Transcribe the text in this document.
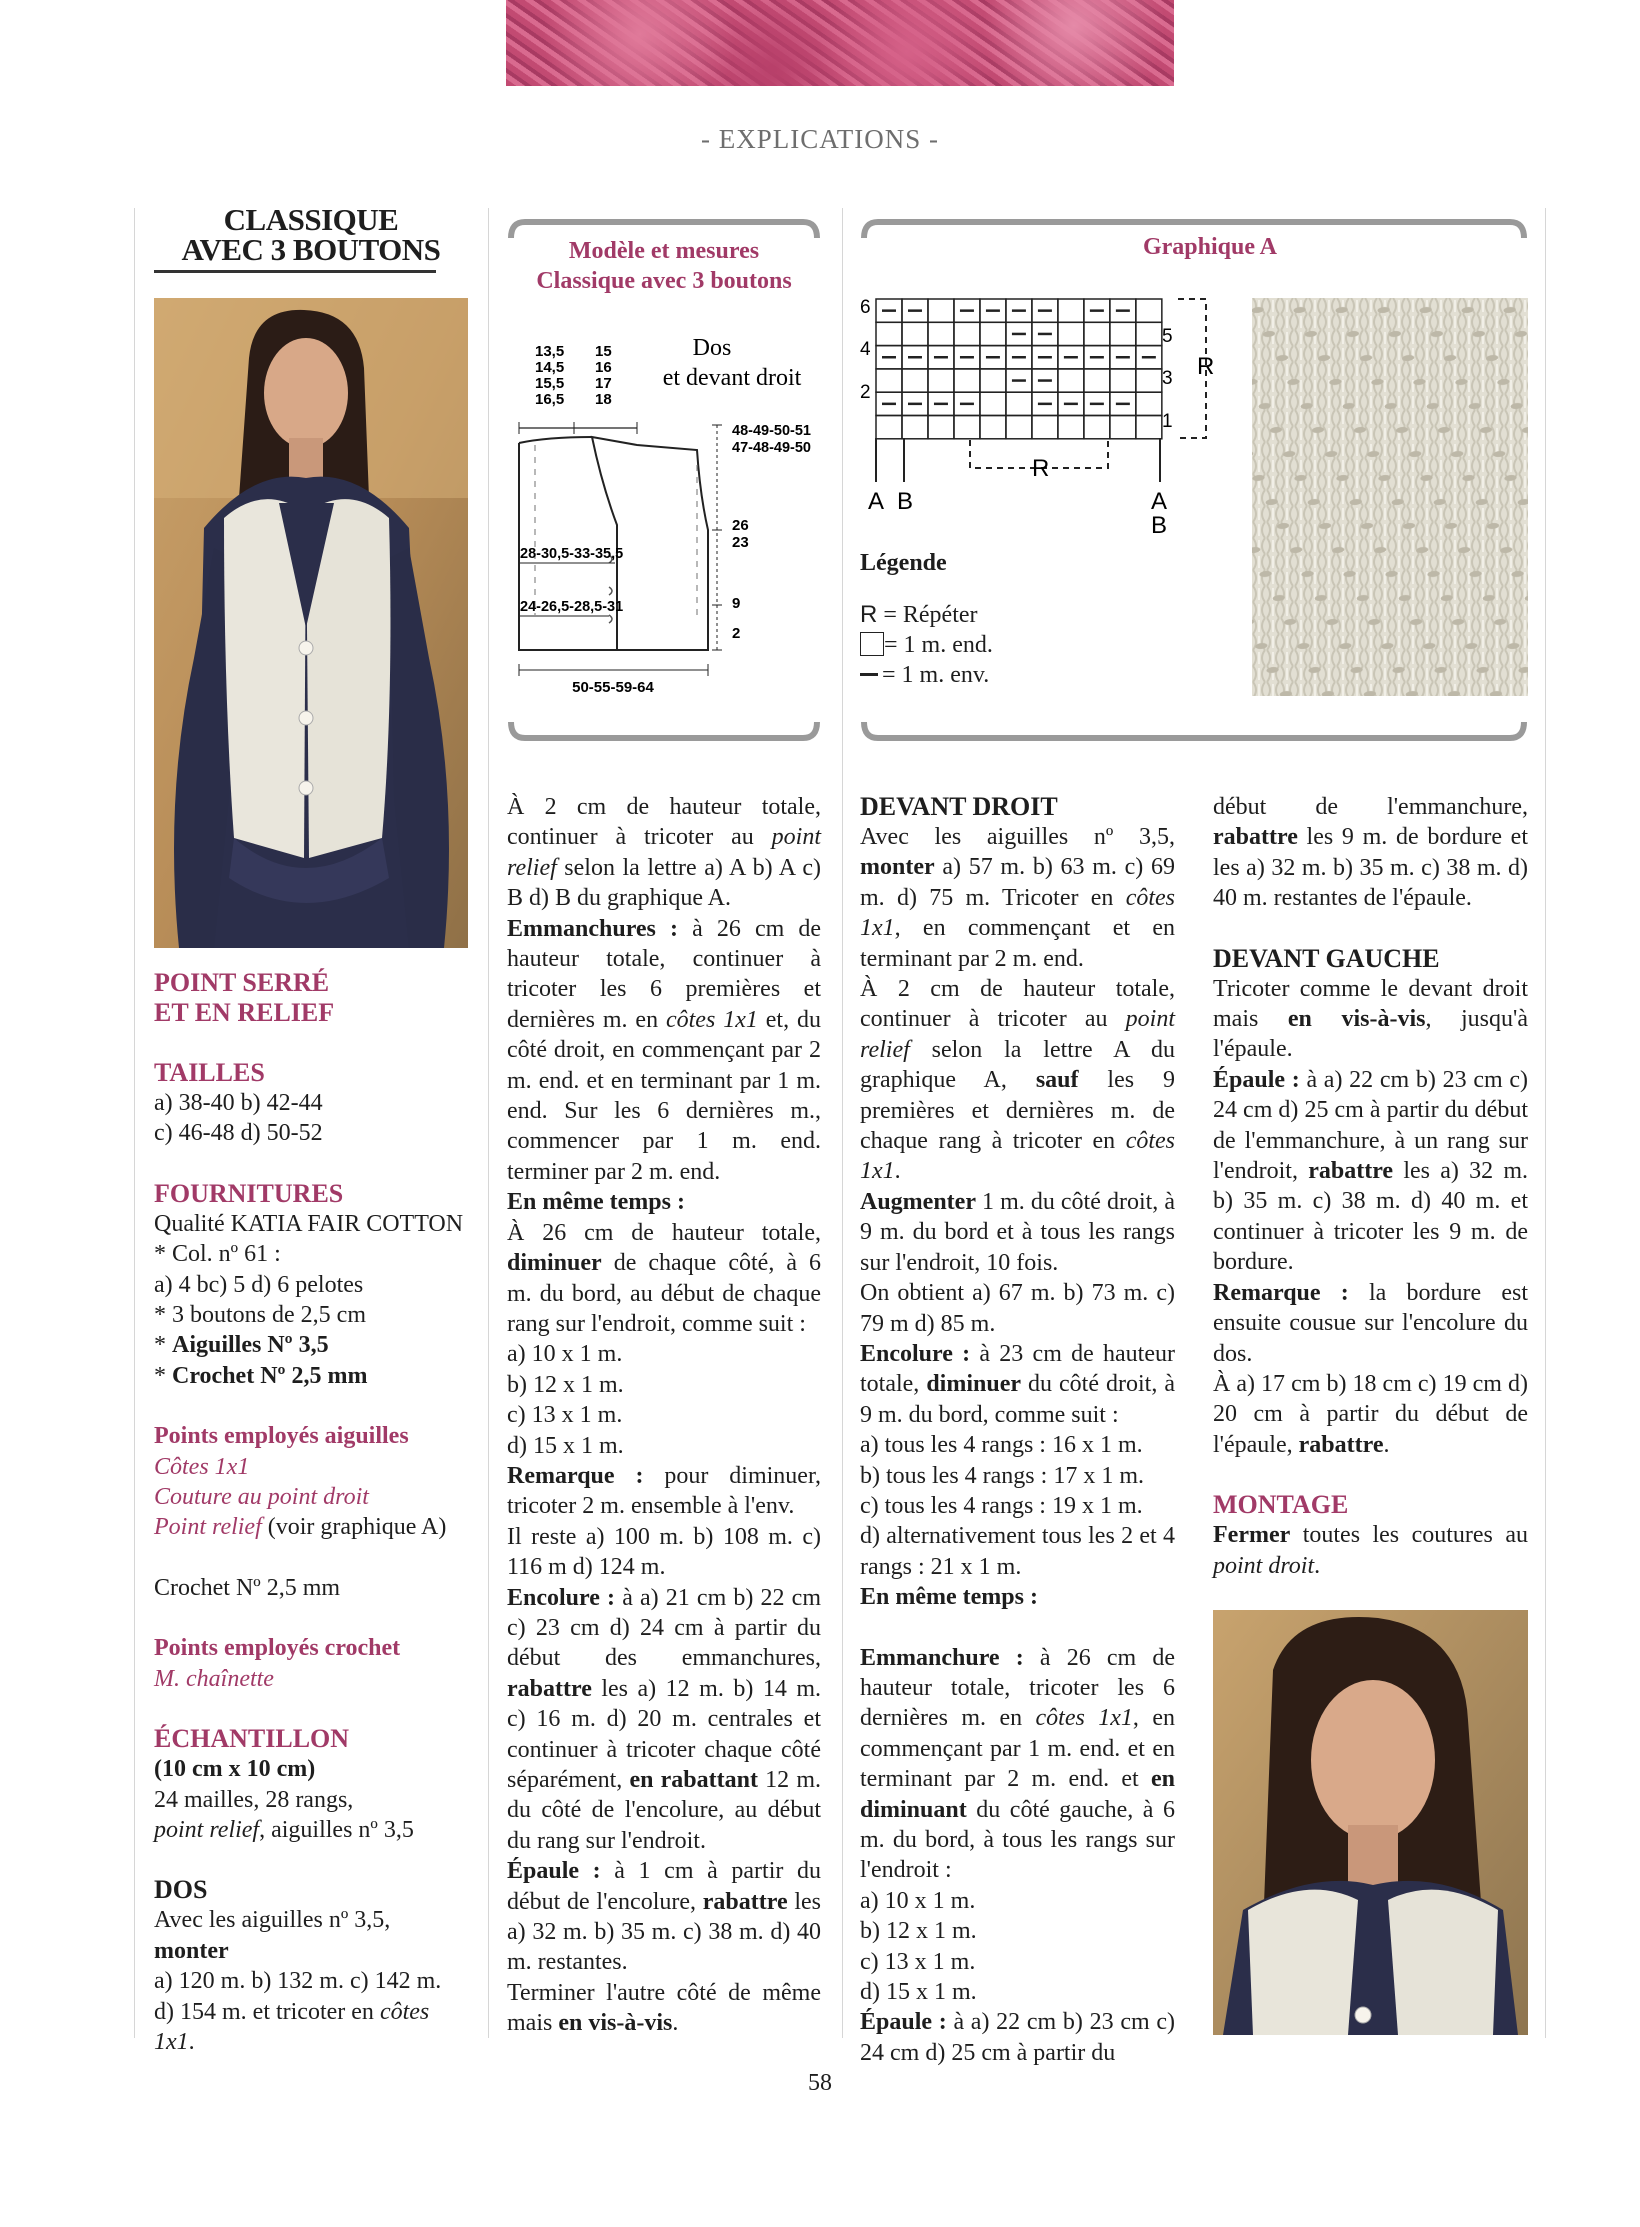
- EXPLICATIONS -
CLASSIQUE
AVEC 3 BOUTONS
POINT SERRÉ
ET EN RELIEF
TAILLES

a) 38-40 b) 42-44

c) 46-48 d) 50-52

FOURNITURES

Qualité KATIA FAIR COTTON

* Col. nº 61 :

a) 4 bc) 5 d) 6 pelotes

* 3 boutons de 2,5 cm

* Aiguilles Nº 3,5

* Crochet Nº 2,5 mm

Points employés aiguilles

Côtes 1x1

Couture au point droit

Point relief (voir graphique A)

Crochet Nº 2,5 mm

Points employés crochet

M. chaînette

ÉCHANTILLON

(10 cm x 10 cm)

24 mailles, 28 rangs,

point relief, aiguilles nº 3,5

DOS

Avec les aiguilles nº 3,5, monter

a) 120 m. b) 132 m. c) 142 m.

d) 154 m. et tricoter en côtes

1x1.

Modèle et mesures
Classique avec 3 boutons
Dos
et devant droit
13,5
14,5
15,5
16,5
15
16
17
18
28-30,5-33-35,5
24-26,5-28,5-31
50-55-59-64
48-49-50-51
47-48-49-50
26
23
9
2
Graphique A
6
4
2
5
3
1
R
R
A B	A
B
Légende
R = Répéter
= 1 m. end.
= 1 m. env.

À 2 cm de hauteur totale, continuer à tricoter au point relief selon la lettre a) A b) A c) B d) B du graphique A.

Emmanchures : à 26 cm de hauteur totale, continuer à tricoter les 6 premières et dernières m. en côtes 1x1 et, du côté droit, en commençant par 2 m. end. et en terminant par 1 m. end. Sur les 6 dernières m., commencer par 1 m. end. terminer par 2 m. end.

En même temps :

À 26 cm de hauteur totale, diminuer de chaque côté, à 6 m. du bord, au début de chaque rang sur l'endroit, comme suit :

a) 10 x 1 m.

b) 12 x 1 m.

c) 13 x 1 m.

d) 15 x 1 m.

Remarque : pour diminuer, tricoter 2 m. ensemble à l'env.

Il reste a) 100 m. b) 108 m. c) 116 m d) 124 m.

Encolure : à a) 21 cm b) 22 cm c) 23 cm d) 24 cm à partir du début des emmanchures, rabattre les a) 12 m. b) 14 m. c) 16 m. d) 20 m. centrales et continuer à tricoter chaque côté séparément, en rabattant 12 m. du côté de l'encolure, au début du rang sur l'endroit.

Épaule : à 1 cm à partir du début de l'encolure, rabattre les a) 32 m. b) 35 m. c) 38 m. d) 40 m. restantes.

Terminer l'autre côté de même mais en vis-à-vis.

DEVANT DROIT

Avec les aiguilles nº 3,5, monter a) 57 m. b) 63 m. c) 69 m. d) 75 m. Tricoter en côtes 1x1, en commençant et en terminant par 2 m. end.

À 2 cm de hauteur totale, continuer à tricoter au point relief selon la lettre A du graphique A, sauf les 9 premières et dernières m. de chaque rang à tricoter en côtes 1x1.

Augmenter 1 m. du côté droit, à 9 m. du bord et à tous les rangs sur l'endroit, 10 fois.

On obtient a) 67 m. b) 73 m. c) 79 m d) 85 m.

Encolure : à 23 cm de hauteur totale, diminuer du côté droit, à 9 m. du bord, comme suit :

a) tous les 4 rangs : 16 x 1 m.

b) tous les 4 rangs : 17 x 1 m.

c) tous les 4 rangs : 19 x 1 m.

d) alternativement tous les 2 et 4 rangs : 21 x 1 m.

En même temps :

Emmanchure : à 26 cm de hauteur totale, tricoter les 6 dernières m. en côtes 1x1, en commençant par 1 m. end. et en terminant par 2 m. end. et en diminuant du côté gauche, à 6 m. du bord, à tous les rangs sur l'endroit :

a) 10 x 1 m.

b) 12 x 1 m.

c) 13 x 1 m.

d) 15 x 1 m.

Épaule : à a) 22 cm b) 23 cm c) 24 cm d) 25 cm à partir du

début de l'emmanchure, rabattre les 9 m. de bordure et les a) 32 m. b) 35 m. c) 38 m. d) 40 m. restantes de l'épaule.

DEVANT GAUCHE

Tricoter comme le devant droit mais en vis-à-vis, jusqu'à l'épaule.

Épaule : à a) 22 cm b) 23 cm c) 24 cm d) 25 cm à partir du début de l'emmanchure, à un rang sur l'endroit, rabattre les a) 32 m. b) 35 m. c) 38 m. d) 40 m. et continuer à tricoter les 9 m. de bordure.

Remarque : la bordure est ensuite cousue sur l'encolure du dos.

À a) 17 cm b) 18 cm c) 19 cm d) 20 cm à partir du début de l'épaule, rabattre.

MONTAGE

Fermer toutes les coutures au point droit.

58
